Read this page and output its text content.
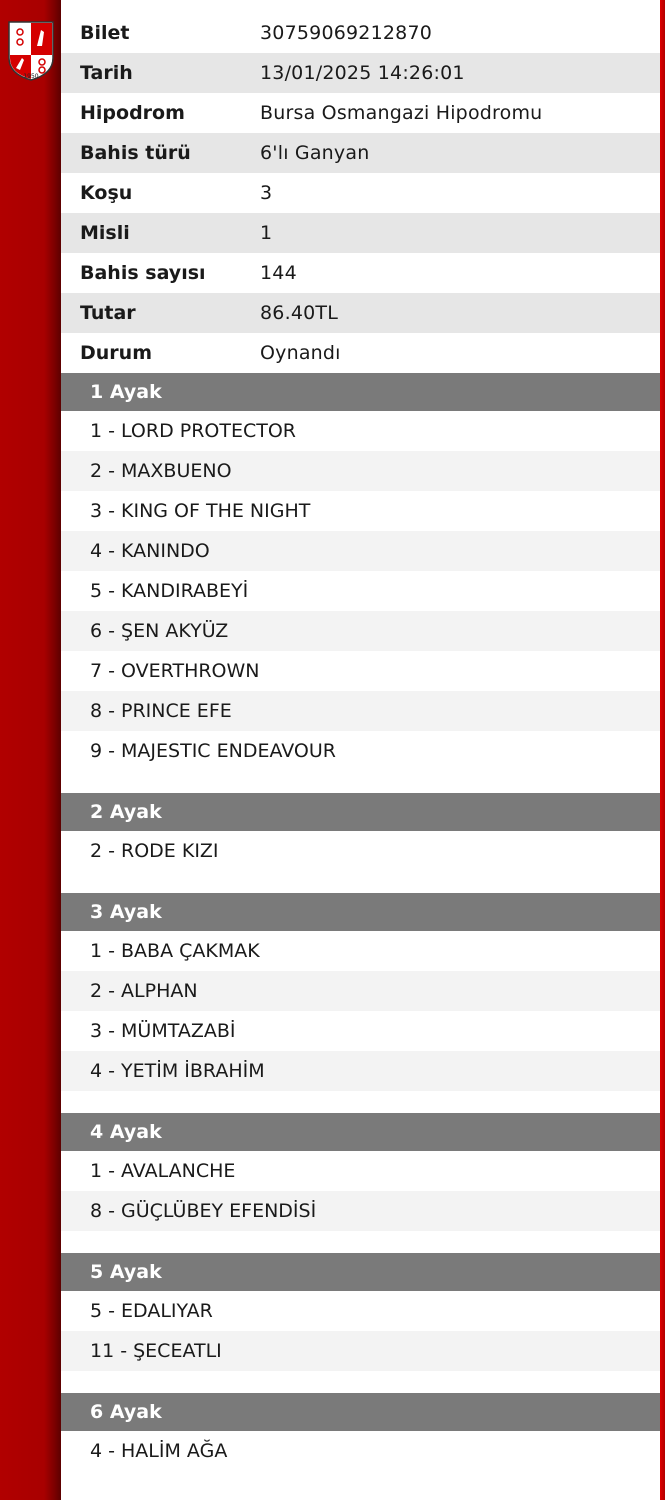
1950
Bilet	30759069212870
Tarih	13/01/2025 14:26:01
Hipodrom	Bursa Osmangazi Hipodromu
Bahis türü	6'lı Ganyan
Koşu	3
Misli	1
Bahis sayısı	144
Tutar	86.40TL
Durum	Oynandı
1 Ayak
1 - LORD PROTECTOR
2 - MAXBUENO
3 - KING OF THE NIGHT
4 - KANINDO
5 - KANDIRABEYİ
6 - ŞEN AKYÜZ
7 - OVERTHROWN
8 - PRINCE EFE
9 - MAJESTIC ENDEAVOUR
2 Ayak
2 - RODE KIZI
3 Ayak
1 - BABA ÇAKMAK
2 - ALPHAN
3 - MÜMTAZABİ
4 - YETİM İBRAHİM
4 Ayak
1 - AVALANCHE
8 - GÜÇLÜBEY EFENDİSİ
5 Ayak
5 - EDALIYAR
11 - ŞECEATLI
6 Ayak
4 - HALİM AĞA
